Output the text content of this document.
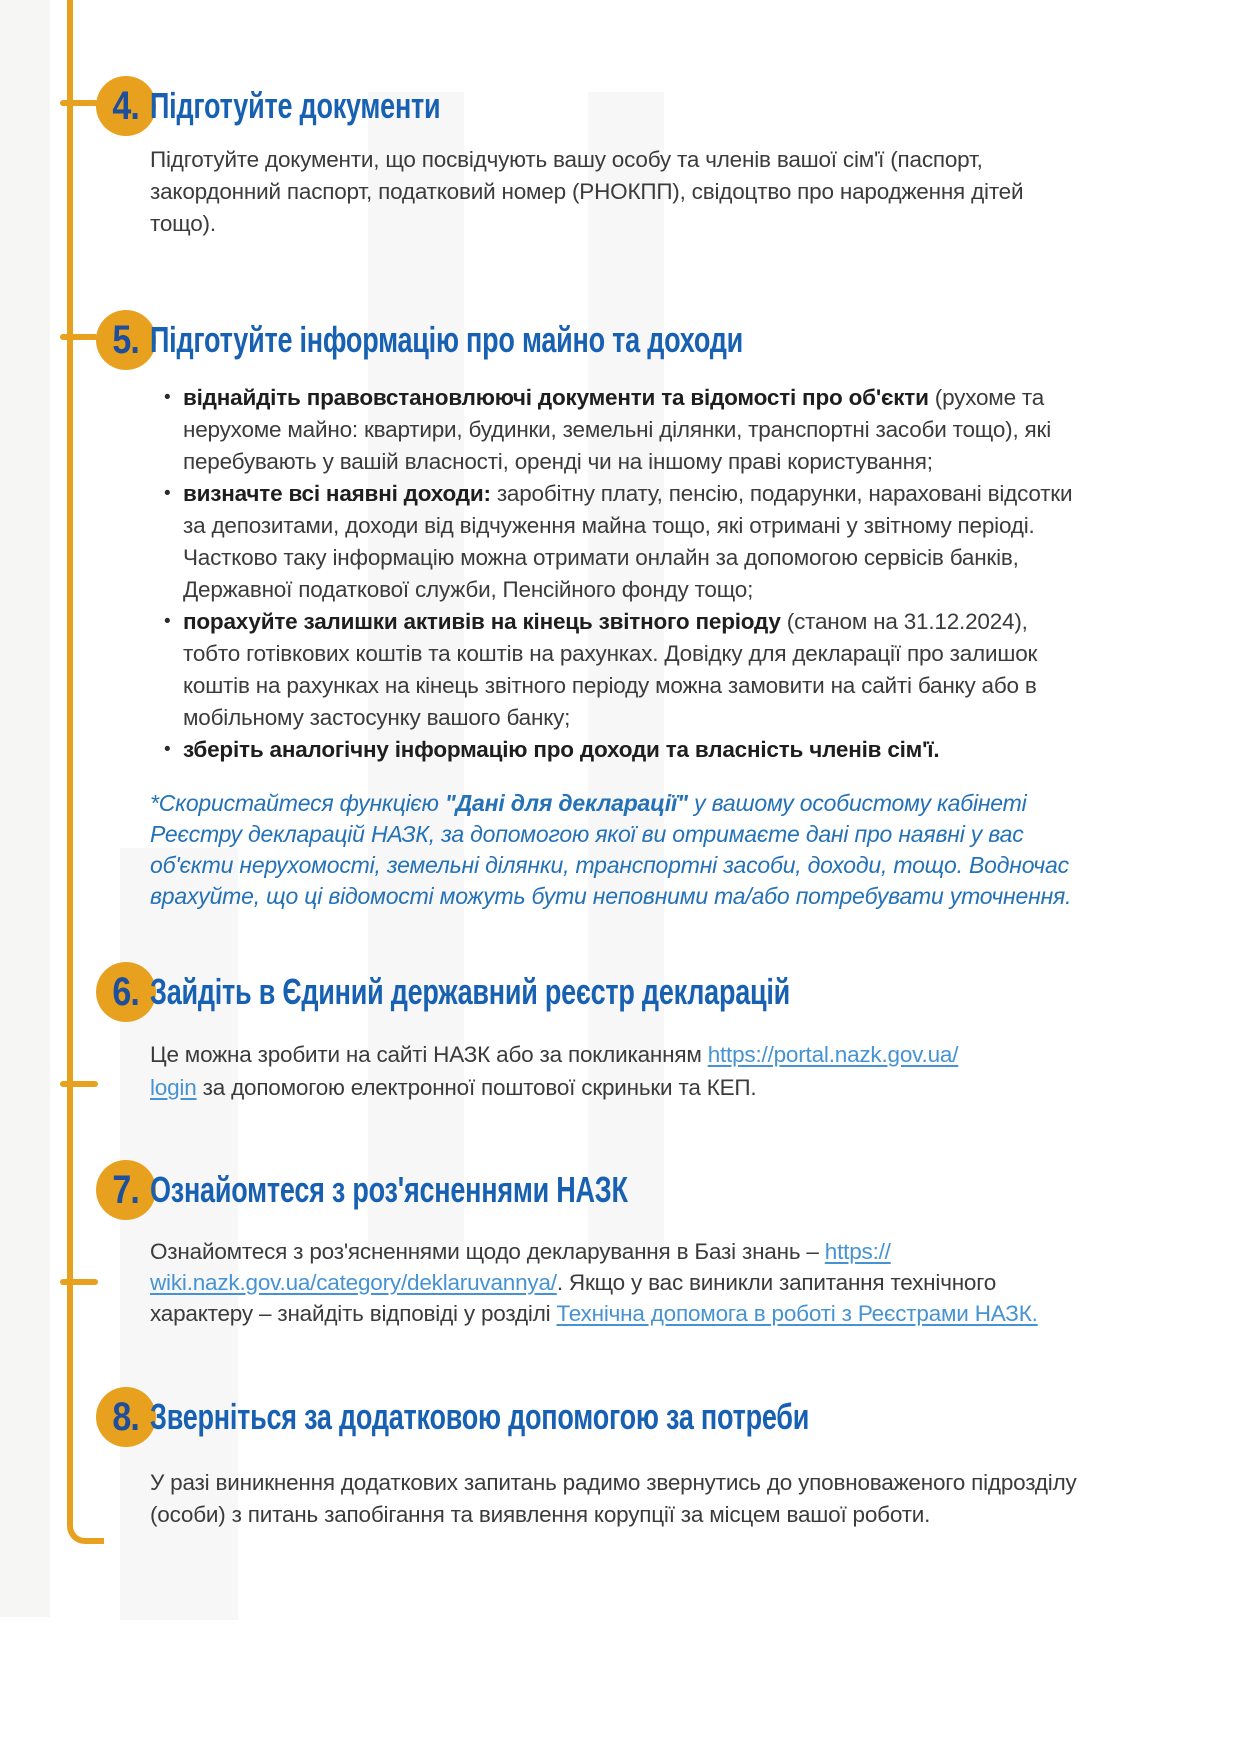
4. Підготуйте документи

Підготуйте документи, що посвідчують вашу особу та членів вашої сім'ї (паспорт, закордонний паспорт, податковий номер (РНОКПП), свідоцтво про народження дітей тощо).

5. Підготуйте інформацію про майно та доходи
• віднайдіть правовстановлюючі документи та відомості про об'єкти (рухоме та нерухоме майно: квартири, будинки, земельні ділянки, транспортні засоби тощо), які перебувають у вашій власності, оренді чи на іншому праві користування;
• визначте всі наявні доходи: заробітну плату, пенсію, подарунки, нараховані відсотки за депозитами, доходи від відчуження майна тощо, які отримані у звітному періоді. Частково таку інформацію можна отримати онлайн за допомогою сервісів банків, Державної податкової служби, Пенсійного фонду тощо;
• порахуйте залишки активів на кінець звітного періоду (станом на 31.12.2024), тобто готівкових коштів та коштів на рахунках. Довідку для декларації про залишок коштів на рахунках на кінець звітного періоду можна замовити на сайті банку або в мобільному застосунку вашого банку;
• зберіть аналогічну інформацію про доходи та власність членів сім'ї.

*Скористайтеся функцією "Дані для декларації" у вашому особистому кабінеті Реєстру декларацій НАЗК, за допомогою якої ви отримаєте дані про наявні у вас об'єкти нерухомості, земельні ділянки, транспортні засоби, доходи, тощо. Водночас врахуйте, що ці відомості можуть бути неповними та/або потребувати уточнення.

6. Зайдіть в Єдиний державний реєстр декларацій

Це можна зробити на сайті НАЗК або за покликанням https://portal.nazk.gov.ua/
login за допомогою електронної поштової скриньки та КЕП.

7. Ознайомтеся з роз'ясненнями НАЗК

Ознайомтеся з роз'ясненнями щодо декларування в Базі знань – https://
wiki.nazk.gov.ua/category/deklaruvannya/. Якщо у вас виникли запитання технічного характеру – знайдіть відповіді у розділі Технічна допомога в роботі з Реєстрами НАЗК.

8. Зверніться за додатковою допомогою за потреби

У разі виникнення додаткових запитань радимо звернутись до уповноваженого підрозділу (особи) з питань запобігання та виявлення корупції за місцем вашої роботи.
